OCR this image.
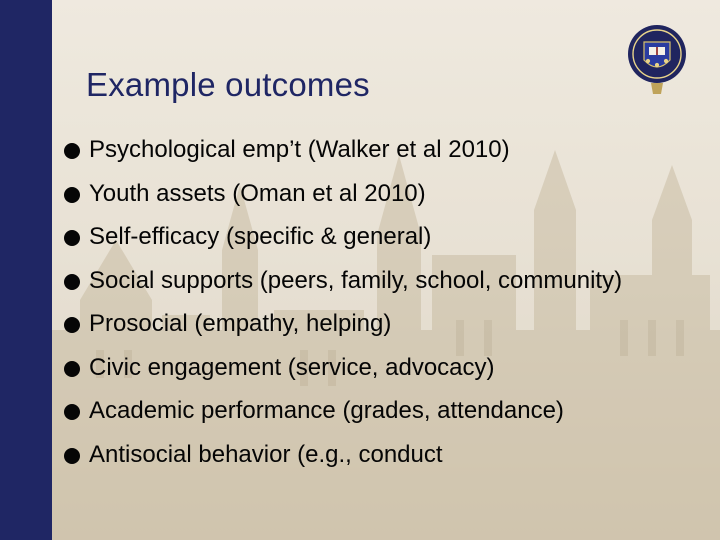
Example outcomes
Psychological emp’t (Walker et al 2010)
Youth assets (Oman et al 2010)
Self-efficacy (specific & general)
Social supports (peers, family, school, community)
Prosocial (empathy, helping)
Civic engagement (service, advocacy)
Academic performance (grades, attendance)
Antisocial behavior (e.g., conduct
